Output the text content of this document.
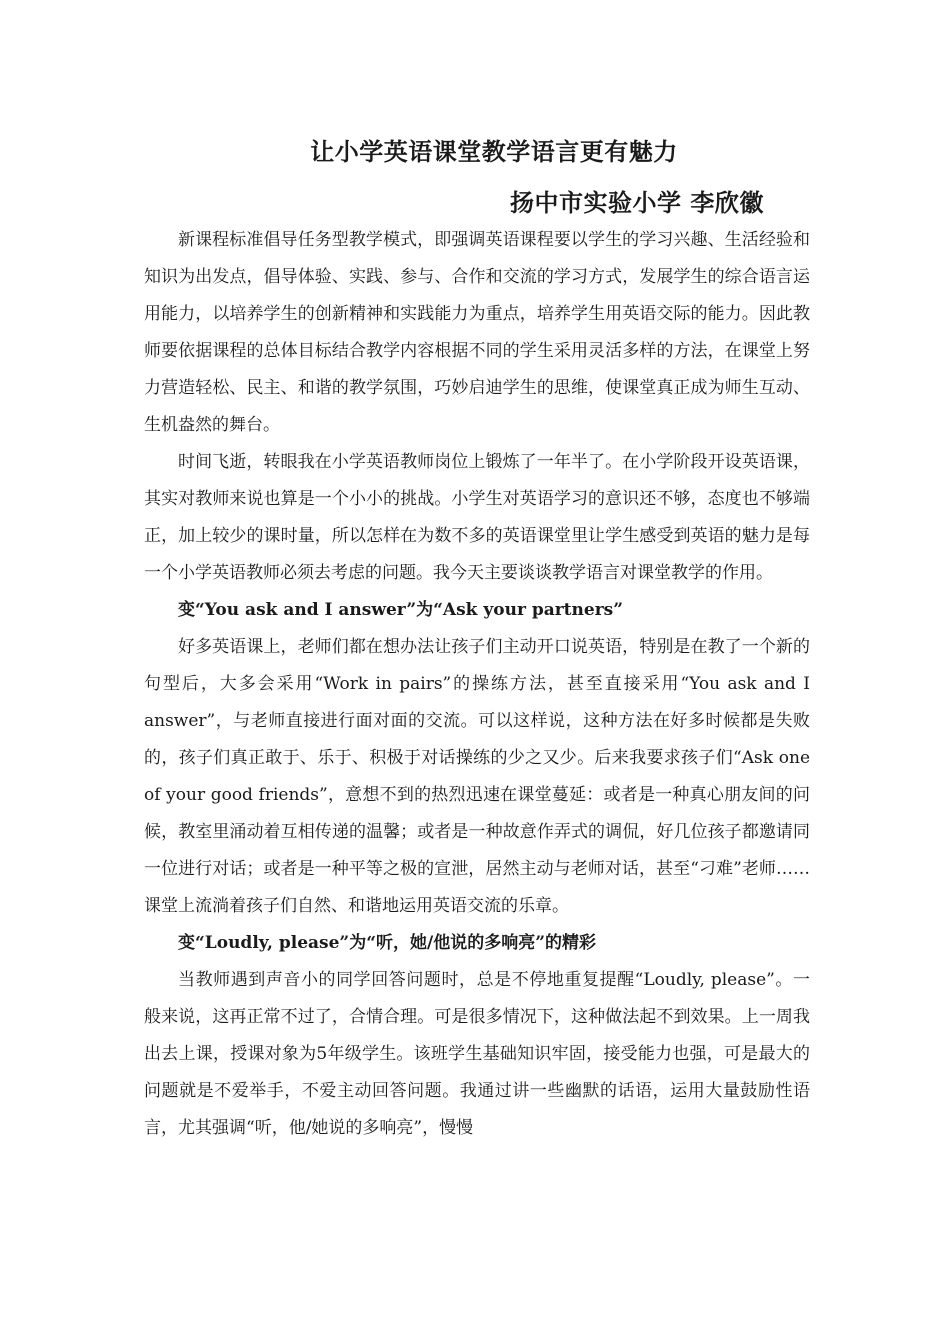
让小学英语课堂教学语言更有魅力
扬中市实验小学 李欣徽

新课程标准倡导任务型教学模式，即强调英语课程要以学生的学习兴趣、生活经验和知识为出发点，倡导体验、实践、参与、合作和交流的学习方式，发展学生的综合语言运用能力，以培养学生的创新精神和实践能力为重点，培养学生用英语交际的能力。因此教师要依据课程的总体目标结合教学内容根据不同的学生采用灵活多样的方法，在课堂上努力营造轻松、民主、和谐的教学氛围，巧妙启迪学生的思维，使课堂真正成为师生互动、生机盎然的舞台。

时间飞逝，转眼我在小学英语教师岗位上锻炼了一年半了。在小学阶段开设英语课，其实对教师来说也算是一个小小的挑战。小学生对英语学习的意识还不够，态度也不够端正，加上较少的课时量，所以怎样在为数不多的英语课堂里让学生感受到英语的魅力是每一个小学英语教师必须去考虑的问题。我今天主要谈谈教学语言对课堂教学的作用。

变“You ask and I answer”为“Ask your partners”

好多英语课上，老师们都在想办法让孩子们主动开口说英语，特别是在教了一个新的句型后，大多会采用“Work in pairs”的操练方法，甚至直接采用“You ask and I answer”，与老师直接进行面对面的交流。可以这样说，这种方法在好多时候都是失败的，孩子们真正敢于、乐于、积极于对话操练的少之又少。后来我要求孩子们“Ask one of your good friends”，意想不到的热烈迅速在课堂蔓延：或者是一种真心朋友间的问候，教室里涌动着互相传递的温馨；或者是一种故意作弄式的调侃，好几位孩子都邀请同一位进行对话；或者是一种平等之极的宣泄，居然主动与老师对话，甚至“刁难”老师……课堂上流淌着孩子们自然、和谐地运用英语交流的乐章。

变“Loudly, please”为“听，她/他说的多响亮”的精彩

当教师遇到声音小的同学回答问题时，总是不停地重复提醒“Loudly, please”。一般来说，这再正常不过了，合情合理。可是很多情况下，这种做法起不到效果。上一周我出去上课，授课对象为5年级学生。该班学生基础知识牢固，接受能力也强，可是最大的问题就是不爱举手，不爱主动回答问题。我通过讲一些幽默的话语，运用大量鼓励性语言，尤其强调“听，他/她说的多响亮”，慢慢
